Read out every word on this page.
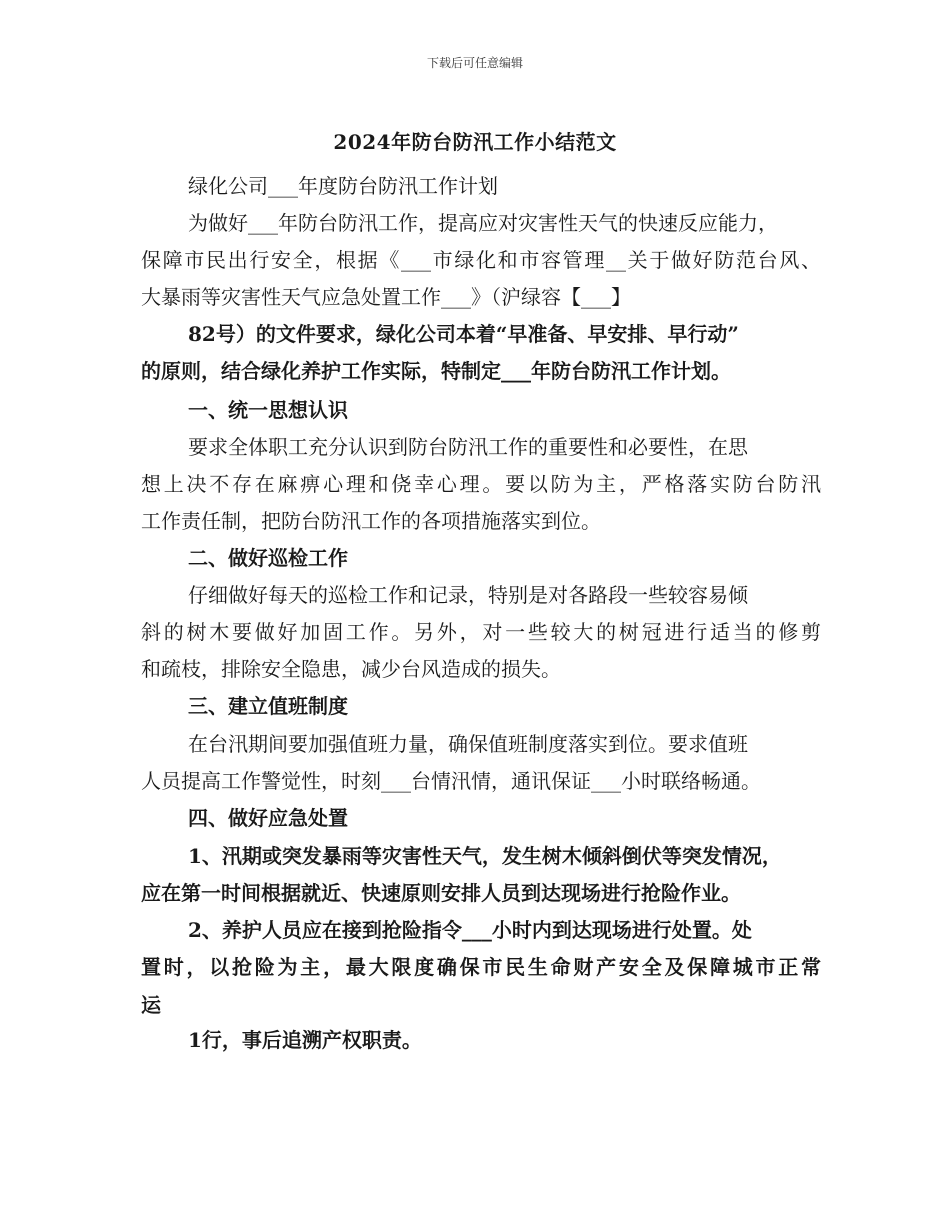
下载后可任意编辑
2024年防台防汛工作小结范文
绿化公司___年度防台防汛工作计划
为做好___年防台防汛工作，提高应对灾害性天气的快速反应能力，
保障市民出行安全，根据《___市绿化和市容管理__关于做好防范台风、
大暴雨等灾害性天气应急处置工作___》（沪绿容【___】
82号）的文件要求，绿化公司本着“早准备、早安排、早行动”
的原则，结合绿化养护工作实际，特制定___年防台防汛工作计划。
一、统一思想认识
要求全体职工充分认识到防台防汛工作的重要性和必要性，在思
想上决不存在麻痹心理和侥幸心理。要以防为主，严格落实防台防汛
工作责任制，把防台防汛工作的各项措施落实到位。
二、做好巡检工作
仔细做好每天的巡检工作和记录，特别是对各路段一些较容易倾
斜的树木要做好加固工作。另外，对一些较大的树冠进行适当的修剪
和疏枝，排除安全隐患，减少台风造成的损失。
三、建立值班制度
在台汛期间要加强值班力量，确保值班制度落实到位。要求值班
人员提高工作警觉性，时刻___台情汛情，通讯保证___小时联络畅通。
四、做好应急处置
1、汛期或突发暴雨等灾害性天气，发生树木倾斜倒伏等突发情况，
应在第一时间根据就近、快速原则安排人员到达现场进行抢险作业。
2、养护人员应在接到抢险指令___小时内到达现场进行处置。处
置时，以抢险为主，最大限度确保市民生命财产安全及保障城市正常
运
1行，事后追溯产权职责。
